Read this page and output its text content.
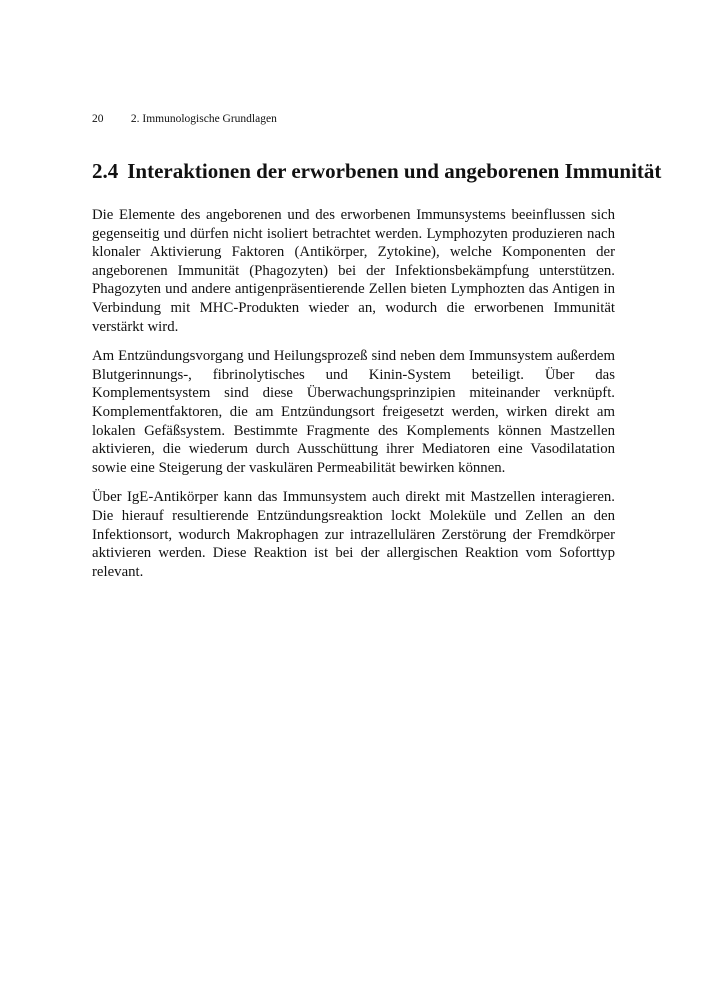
20 2. Immunologische Grundlagen
2.4 Interaktionen der erworbenen und angeborenen Immunität

Die Elemente des angeborenen und des erworbenen Immunsystems beeinflussen sich gegenseitig und dürfen nicht isoliert betrachtet werden. Lymphozyten produzieren nach klonaler Aktivierung Faktoren (Antikörper, Zytokine), welche Komponenten der angeborenen Immunität (Phagozyten) bei der Infektionsbekämpfung unterstützen. Phagozyten und andere antigenpräsentierende Zellen bieten Lymphozten das Antigen in Verbindung mit MHC-Produkten wieder an, wodurch die erworbenen Immunität verstärkt wird.

Am Entzündungsvorgang und Heilungsprozeß sind neben dem Immunsystem außerdem Blutgerinnungs-, fibrinolytisches und Kinin-System beteiligt. Über das Komplementsystem sind diese Überwachungsprinzipien miteinander verknüpft. Komplementfaktoren, die am Entzündungsort freigesetzt werden, wirken direkt am lokalen Gefäßsystem. Bestimmte Fragmente des Komplements können Mastzellen aktivieren, die wiederum durch Ausschüttung ihrer Mediatoren eine Vasodilatation sowie eine Steigerung der vaskulären Permeabilität bewirken können.

Über IgE-Antikörper kann das Immunsystem auch direkt mit Mastzellen interagieren. Die hierauf resultierende Entzündungsreaktion lockt Moleküle und Zellen an den Infektionsort, wodurch Makrophagen zur intrazellulären Zerstörung der Fremdkörper aktivieren werden. Diese Reaktion ist bei der allergischen Reaktion vom Soforttyp relevant.
